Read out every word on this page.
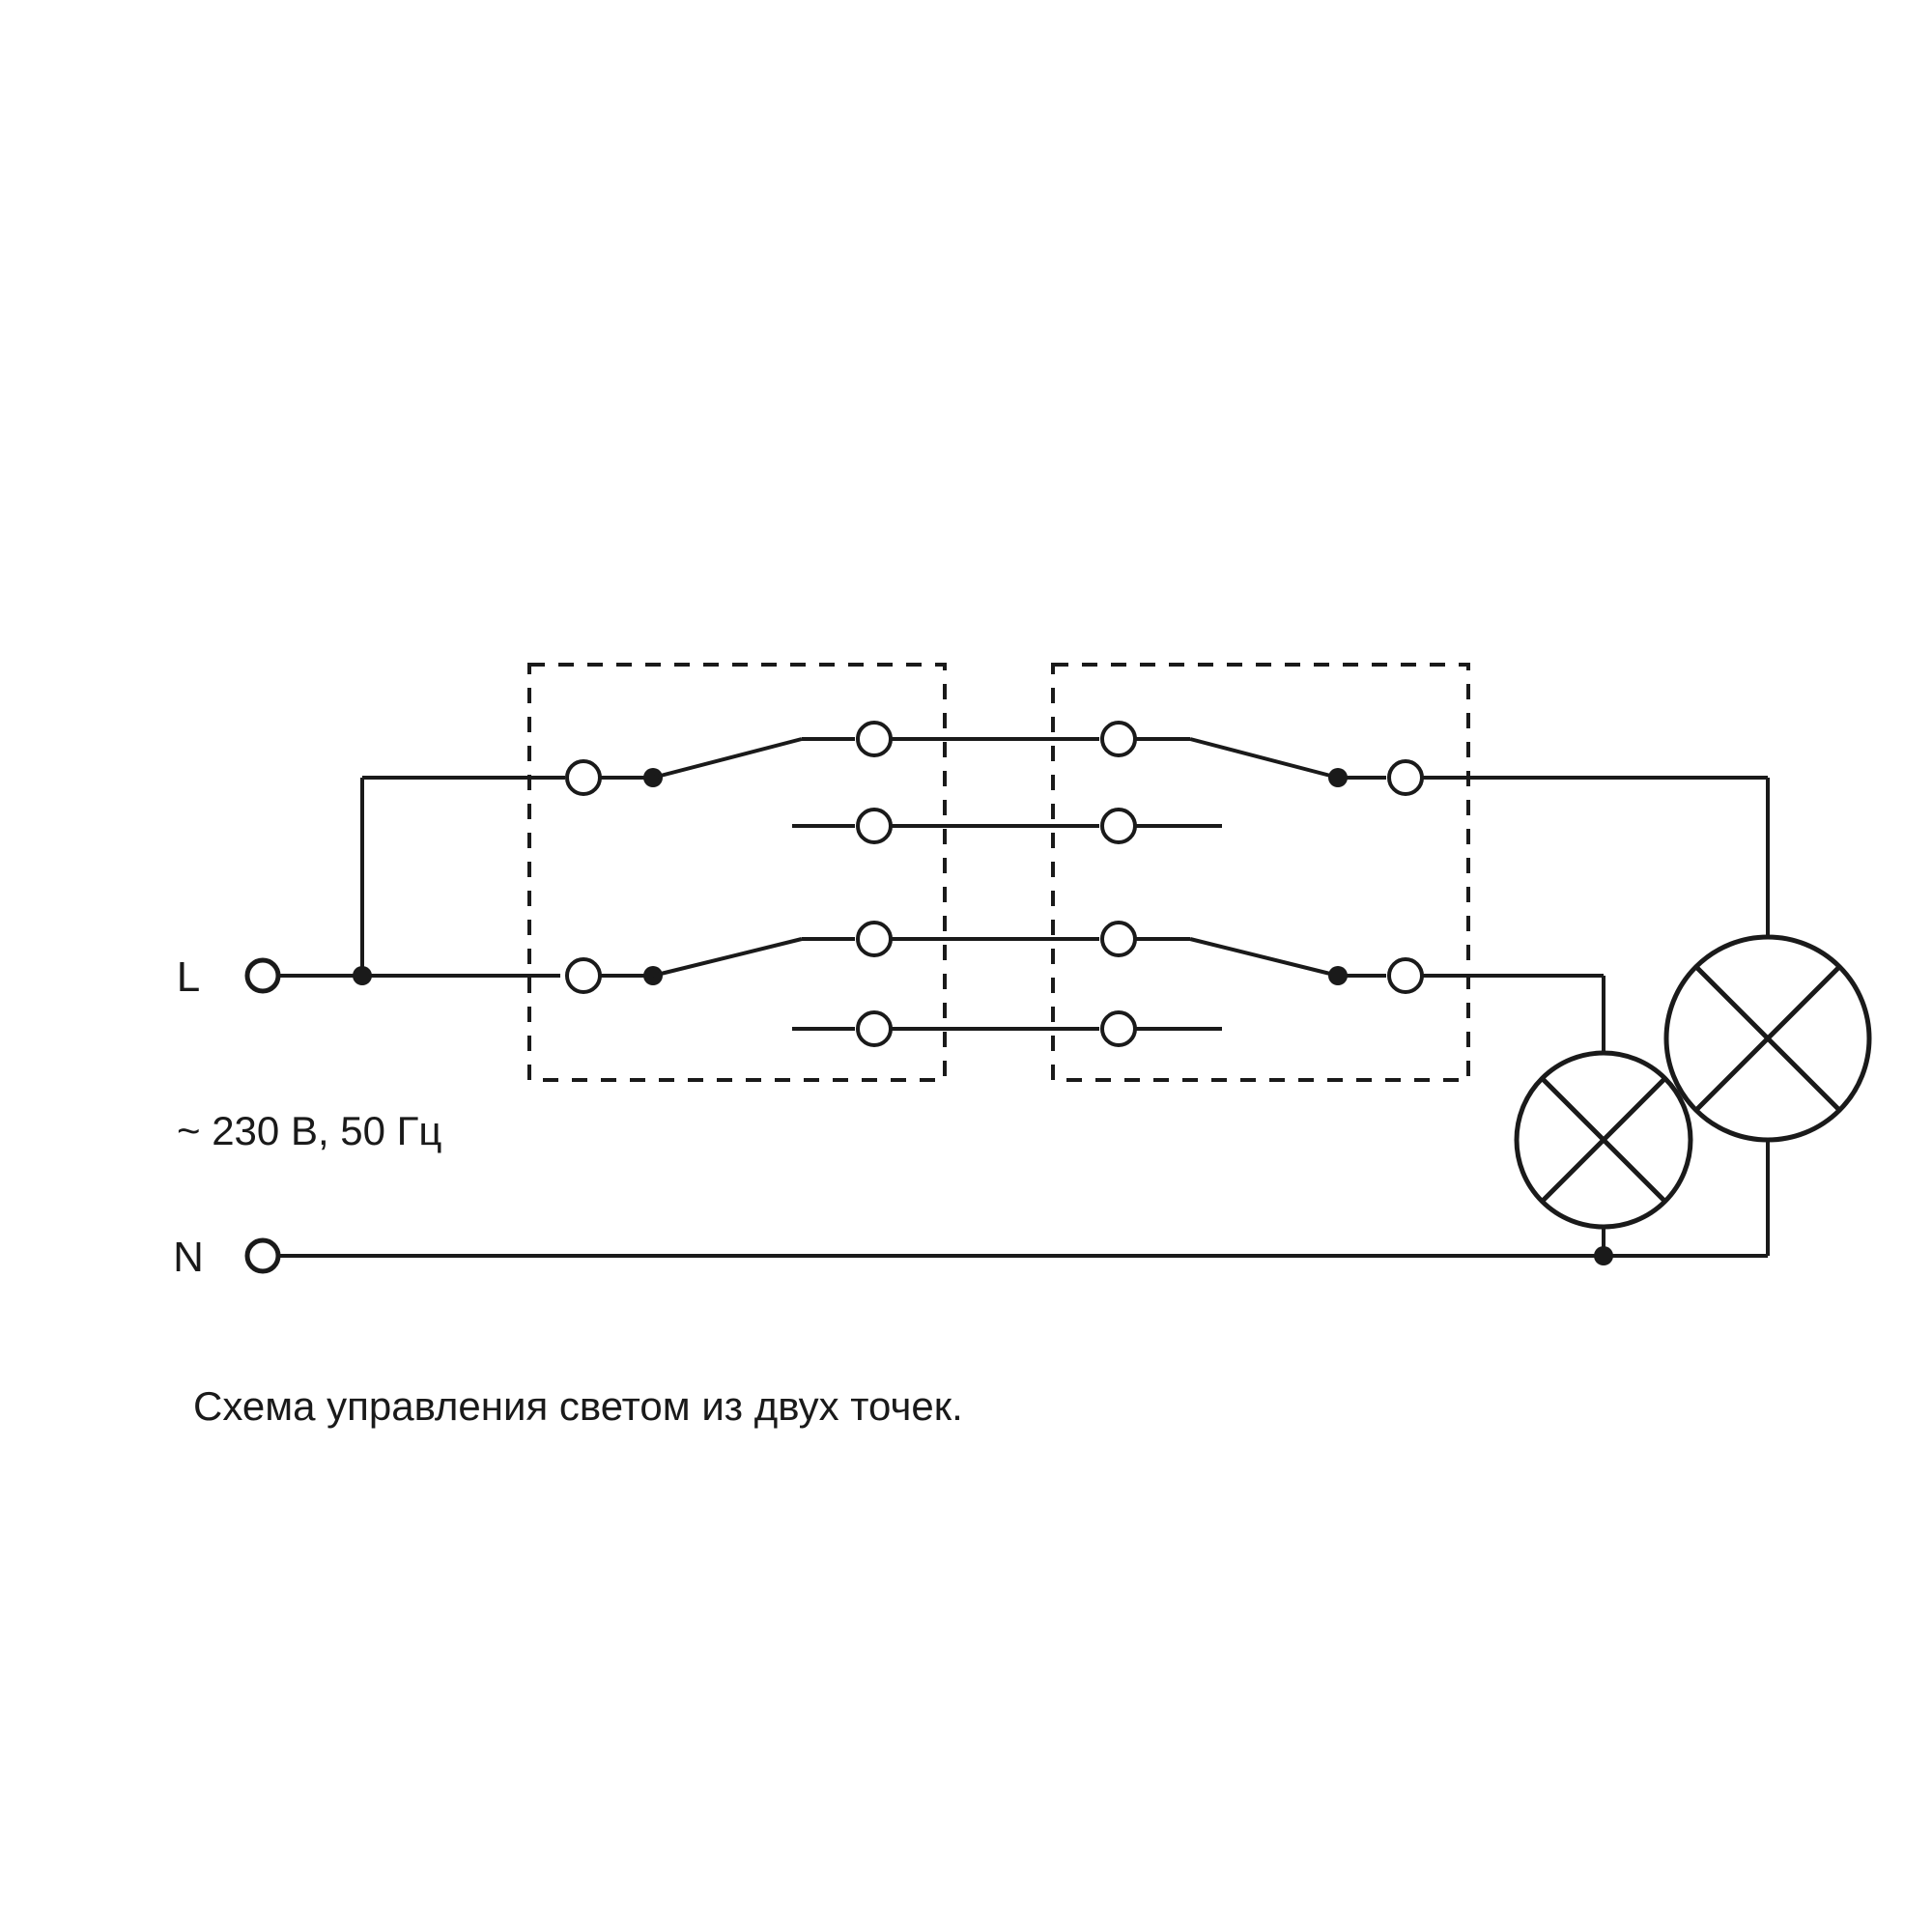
L
N
~ 230 В, 50 Гц
Схема управления светом из двух точек.
